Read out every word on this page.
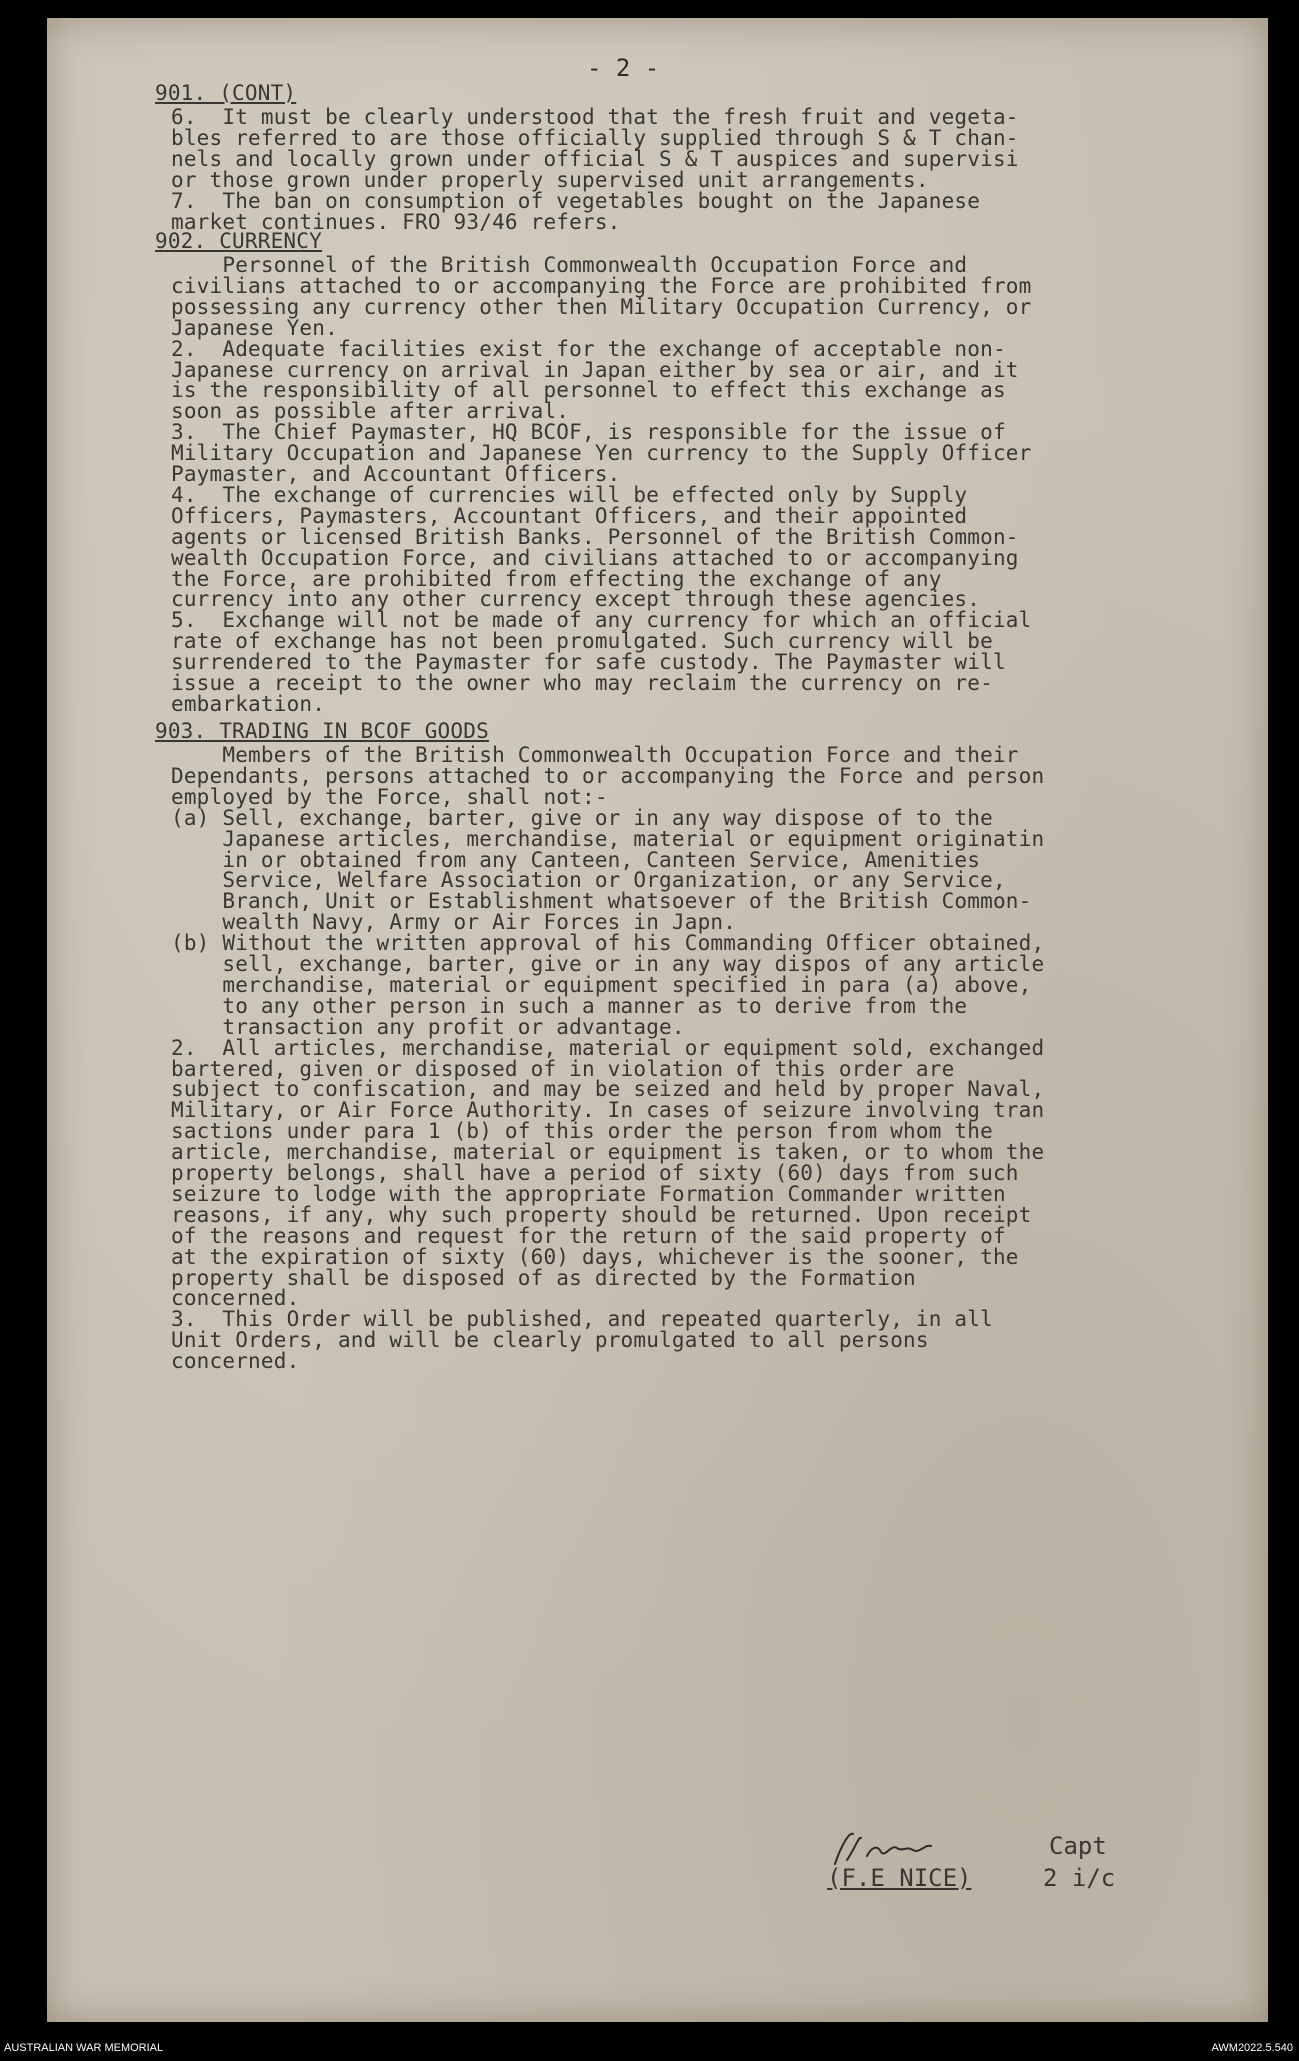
- 2 -
901. (CONT)
6.  It must be clearly understood that the fresh fruit and vegeta-
bles referred to are those officially supplied through S & T chan-
nels and locally grown under official S & T auspices and supervisi
or those grown under properly supervised unit arrangements.
7.  The ban on consumption of vegetables bought on the Japanese
market continues. FRO 93/46 refers.
902. CURRENCY
Personnel of the British Commonwealth Occupation Force and
civilians attached to or accompanying the Force are prohibited from
possessing any currency other then Military Occupation Currency, or
Japanese Yen.
2.  Adequate facilities exist for the exchange of acceptable non-
Japanese currency on arrival in Japan either by sea or air, and it
is the responsibility of all personnel to effect this exchange as
soon as possible after arrival.
3.  The Chief Paymaster, HQ BCOF, is responsible for the issue of
Military Occupation and Japanese Yen currency to the Supply Officer
Paymaster, and Accountant Officers.
4.  The exchange of currencies will be effected only by Supply
Officers, Paymasters, Accountant Officers, and their appointed
agents or licensed British Banks. Personnel of the British Common-
wealth Occupation Force, and civilians attached to or accompanying
the Force, are prohibited from effecting the exchange of any
currency into any other currency except through these agencies.
5.  Exchange will not be made of any currency for which an official
rate of exchange has not been promulgated. Such currency will be
surrendered to the Paymaster for safe custody. The Paymaster will
issue a receipt to the owner who may reclaim the currency on re-
embarkation.
903. TRADING IN BCOF GOODS
Members of the British Commonwealth Occupation Force and their
Dependants, persons attached to or accompanying the Force and person
employed by the Force, shall not:-
(a) Sell, exchange, barter, give or in any way dispose of to the
Japanese articles, merchandise, material or equipment originatin
in or obtained from any Canteen, Canteen Service, Amenities
Service, Welfare Association or Organization, or any Service,
Branch, Unit or Establishment whatsoever of the British Common-
wealth Navy, Army or Air Forces in Japn.
(b) Without the written approval of his Commanding Officer obtained,
sell, exchange, barter, give or in any way dispos of any article
merchandise, material or equipment specified in para (a) above,
to any other person in such a manner as to derive from the
transaction any profit or advantage.
2.  All articles, merchandise, material or equipment sold, exchanged
bartered, given or disposed of in violation of this order are
subject to confiscation, and may be seized and held by proper Naval,
Military, or Air Force Authority. In cases of seizure involving tran
sactions under para 1 (b) of this order the person from whom the
article, merchandise, material or equipment is taken, or to whom the
property belongs, shall have a period of sixty (60) days from such
seizure to lodge with the appropriate Formation Commander written
reasons, if any, why such property should be returned. Upon receipt
of the reasons and request for the return of the said property of
at the expiration of sixty (60) days, whichever is the sooner, the
property shall be disposed of as directed by the Formation
concerned.
3.  This Order will be published, and repeated quarterly, in all
Unit Orders, and will be clearly promulgated to all persons
concerned.
Capt
(F.E NICE)	2 i/c
AUSTRALIAN WAR MEMORIAL	AWM2022.5.540
